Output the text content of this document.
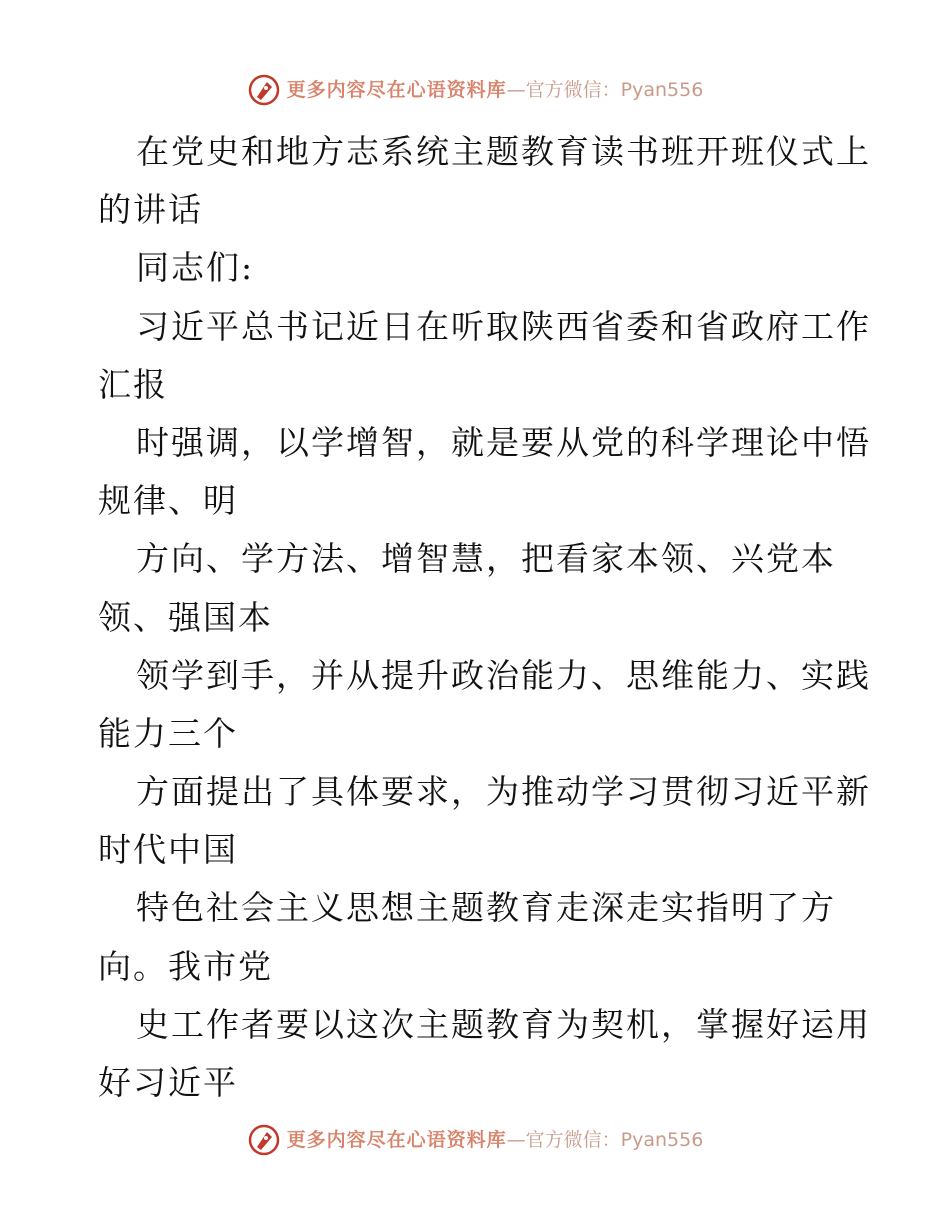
更多内容尽在心语资料库 — 官方微信：Pyan556
在党史和地方志系统主题教育读书班开班仪式上
的讲话
同志们:
习近平总书记近日在听取陕西省委和省政府工作
汇报
时强调，以学增智，就是要从党的科学理论中悟
规律、明
方向、学方法、增智慧，把看家本领、兴党本
领、强国本
领学到手，并从提升政治能力、思维能力、实践
能力三个
方面提出了具体要求，为推动学习贯彻习近平新
时代中国
特色社会主义思想主题教育走深走实指明了方
向。我市党
史工作者要以这次主题教育为契机，掌握好运用
好习近平
更多内容尽在心语资料库 — 官方微信：Pyan556
